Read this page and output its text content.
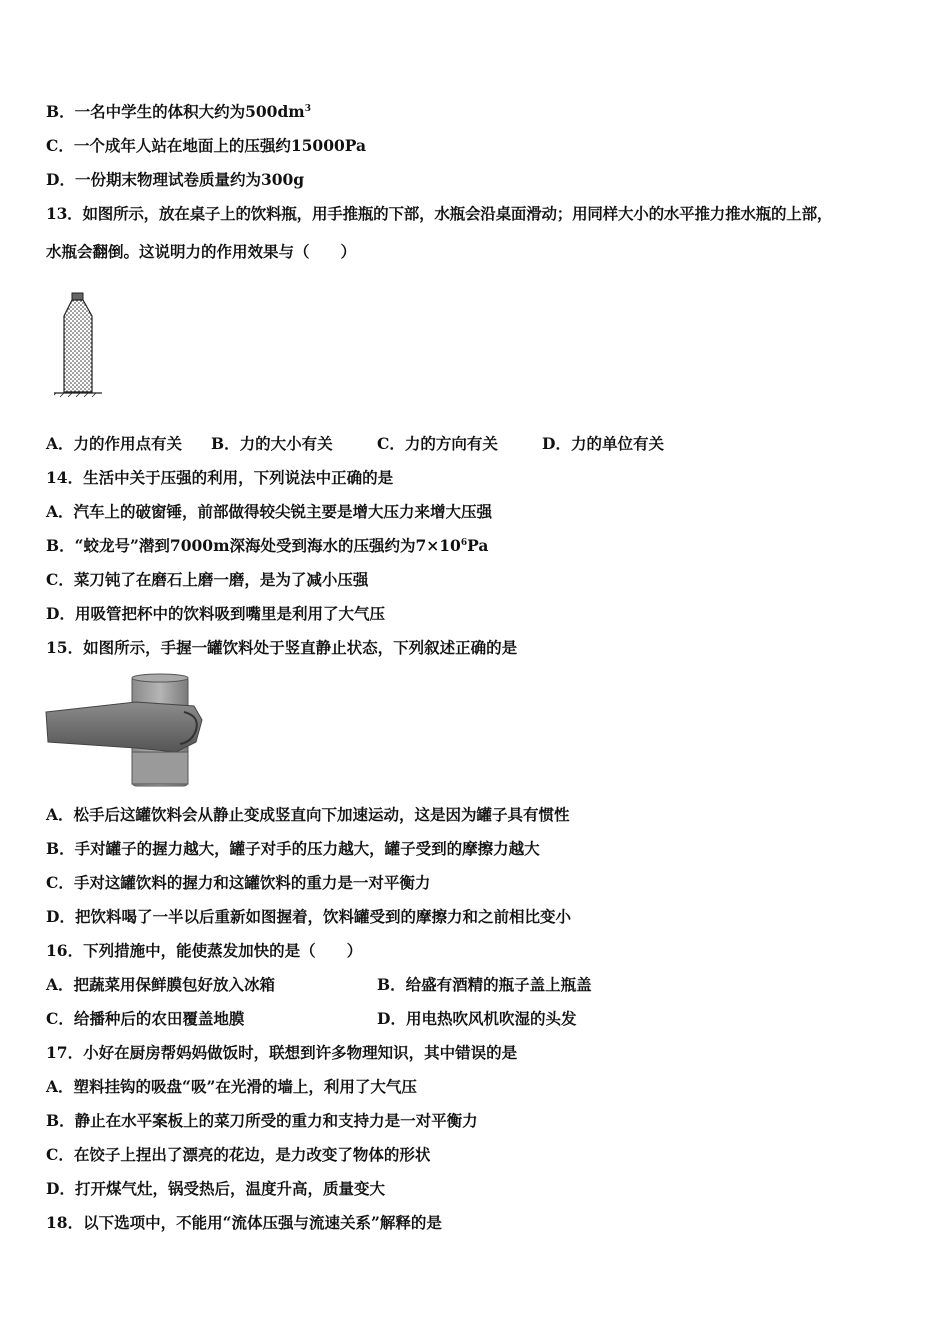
B．一名中学生的体积大约为$500dm^3$
C．一个成年人站在地面上的压强约15000Pa
D．一份期末物理试卷质量约为300g
13．如图所示，放在桌子上的饮料瓶，用手推瓶的下部，水瓶会沿桌面滑动；用同样大小的水平推力推水瓶的上部，
水瓶会翻倒。这说明力的作用效果与（　　）
A．力的作用点有关 B．力的大小有关	C．力的方向有关	D．力的单位有关
14．生活中关于压强的利用，下列说法中正确的是
A．汽车上的破窗锤，前部做得较尖锐主要是增大压力来增大压强
B．“蛟龙号”潜到7000m深海处受到海水的压强约为$7\times 10^6Pa$
C．菜刀钝了在磨石上磨一磨，是为了减小压强
D．用吸管把杯中的饮料吸到嘴里是利用了大气压
15．如图所示，手握一罐饮料处于竖直静止状态，下列叙述正确的是
A．松手后这罐饮料会从静止变成竖直向下加速运动，这是因为罐子具有惯性
B．手对罐子的握力越大，罐子对手的压力越大，罐子受到的摩擦力越大
C．手对这罐饮料的握力和这罐饮料的重力是一对平衡力
D．把饮料喝了一半以后重新如图握着，饮料罐受到的摩擦力和之前相比变小
16．下列措施中，能使蒸发加快的是（　　）
A．把蔬菜用保鲜膜包好放入冰箱	B．给盛有酒精的瓶子盖上瓶盖
C．给播种后的农田覆盖地膜	D．用电热吹风机吹湿的头发
17．小好在厨房帮妈妈做饭时，联想到许多物理知识，其中错误的是
A．塑料挂钩的吸盘“吸”在光滑的墙上，利用了大气压
B．静止在水平案板上的菜刀所受的重力和支持力是一对平衡力
C．在饺子上捏出了漂亮的花边，是力改变了物体的形状
D．打开煤气灶，锅受热后，温度升高，质量变大
18．以下选项中，不能用“流体压强与流速关系”解释的是
